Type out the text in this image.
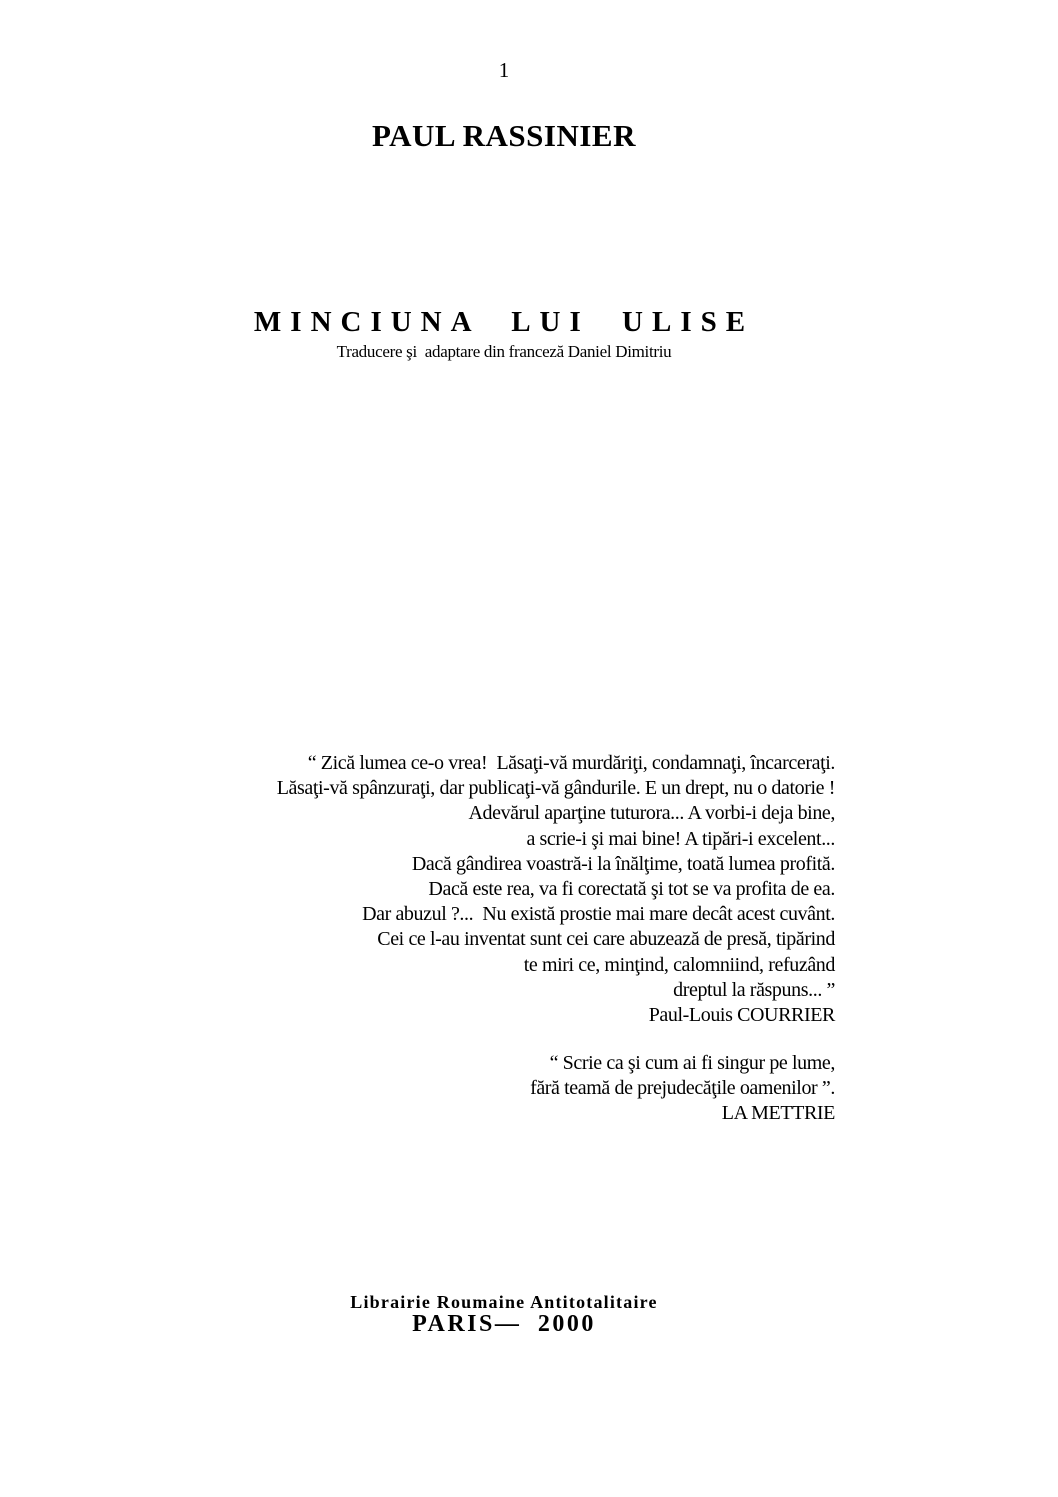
1
PAUL RASSINIER
MINCIUNA LUI ULISE
Traducere şi  adaptare din franceză Daniel Dimitriu
“ Zică lumea ce-o vrea!  Lăsaţi-vă murdăriţi, condamnaţi, încarceraţi.
Lăsaţi-vă spânzuraţi, dar publicaţi-vă gândurile. E un drept, nu o datorie !
Adevărul aparţine tuturora... A vorbi-i deja bine,
a scrie-i şi mai bine! A tipări-i excelent...
Dacă gândirea voastră-i la înălţime, toată lumea profită.
Dacă este rea, va fi corectată şi tot se va profita de ea.
Dar abuzul ?...  Nu există prostie mai mare decât acest cuvânt.
Cei ce l-au inventat sunt cei care abuzează de presă, tipărind
te miri ce, minţind, calomniind, refuzând
dreptul la răspuns... ”
Paul-Louis COURRIER
“ Scrie ca şi cum ai fi singur pe lume,
fără teamă de prejudecăţile oamenilor ”.
LA METTRIE
Librairie Roumaine Antitotalitaire
PARIS— 2000
